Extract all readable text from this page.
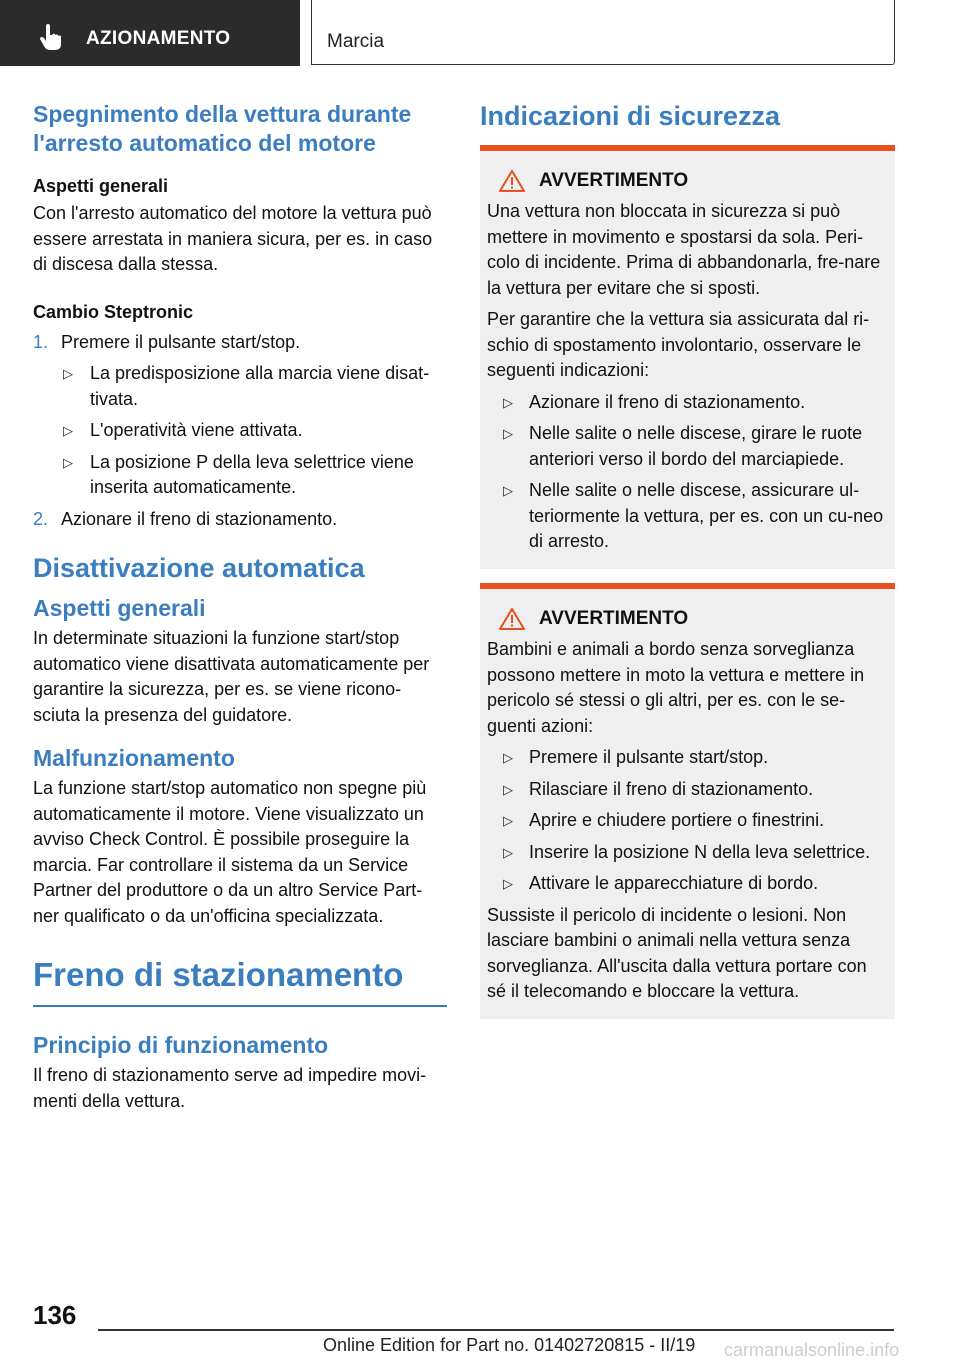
AZIONAMENTO	Marcia
Spegnimento della vettura durante l'arresto automatico del motore
Aspetti generali

Con l'arresto automatico del motore la vettura può essere arrestata in maniera sicura, per es. in caso di discesa dalla stessa.

Cambio Steptronic
1. Premere il pulsante start/stop.
▷ La predisposizione alla marcia viene disat-tivata.
▷ L'operatività viene attivata.
▷ La posizione P della leva selettrice viene inserita automaticamente.
2. Azionare il freno di stazionamento.
Disattivazione automatica
Aspetti generali

In determinate situazioni la funzione start/stop automatico viene disattivata automaticamente per garantire la sicurezza, per es. se viene ricono-sciuta la presenza del guidatore.

Malfunzionamento

La funzione start/stop automatico non spegne più automaticamente il motore. Viene visualizzato un avviso Check Control. È possibile proseguire la marcia. Far controllare il sistema da un Service Partner del produttore o da un altro Service Part-ner qualificato o da un'officina specializzata.

Freno di stazionamento
Principio di funzionamento

Il freno di stazionamento serve ad impedire movi-menti della vettura.

Indicazioni di sicurezza
AVVERTIMENTO

Una vettura non bloccata in sicurezza si può mettere in movimento e spostarsi da sola. Peri-colo di incidente. Prima di abbandonarla, fre-nare la vettura per evitare che si sposti.

Per garantire che la vettura sia assicurata dal ri-schio di spostamento involontario, osservare le seguenti indicazioni:

▷ Azionare il freno di stazionamento.
▷ Nelle salite o nelle discese, girare le ruote anteriori verso il bordo del marciapiede.
▷ Nelle salite o nelle discese, assicurare ul-teriormente la vettura, per es. con un cu-neo di arresto.
AVVERTIMENTO

Bambini e animali a bordo senza sorveglianza possono mettere in moto la vettura e mettere in pericolo sé stessi o gli altri, per es. con le se-guenti azioni:

▷ Premere il pulsante start/stop.
▷ Rilasciare il freno di stazionamento.
▷ Aprire e chiudere portiere o finestrini.
▷ Inserire la posizione N della leva selettrice.
▷ Attivare le apparecchiature di bordo.

Sussiste il pericolo di incidente o lesioni. Non lasciare bambini o animali nella vettura senza sorveglianza. All'uscita dalla vettura portare con sé il telecomando e bloccare la vettura.

136
Online Edition for Part no. 01402720815 - II/19 carmanualsonline.info
